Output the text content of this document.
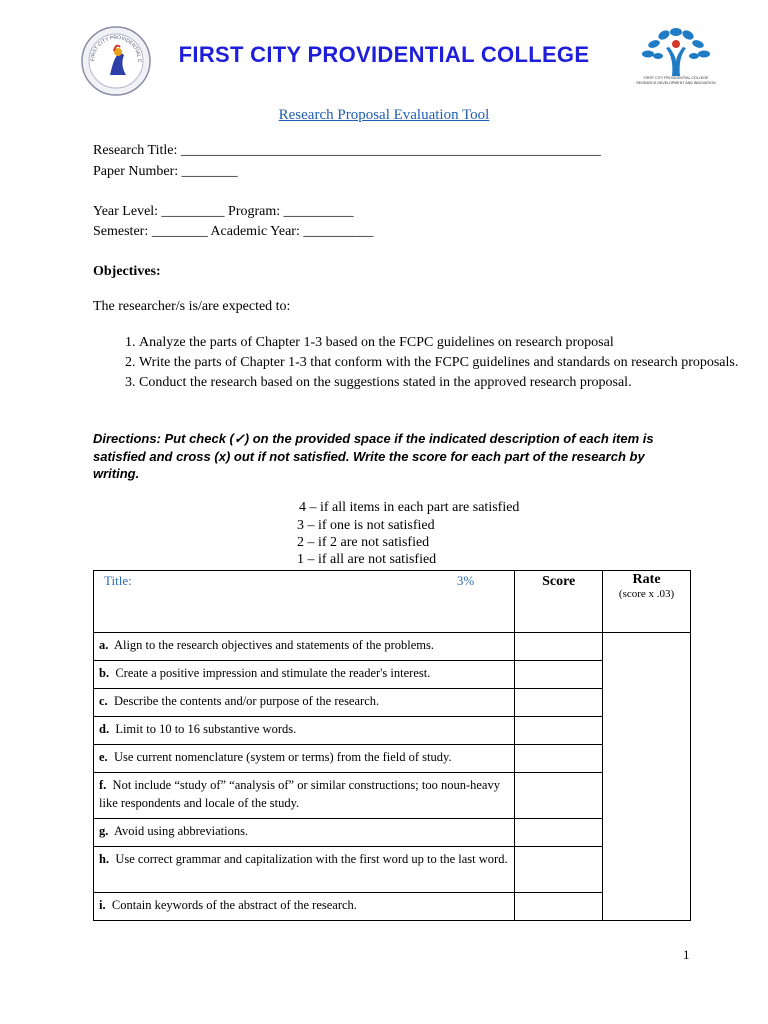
FIRST CITY PROVIDENTIAL C	FIRST CITY PROVIDENTIAL COLLEGE
FIRST CITY PROVIDENTIAL COLLEGE
RESEARCH DEVELOPMENT AND INNOVATION
Research Proposal Evaluation Tool
Research Title: ____________________________________________________________
Paper Number: ________
Year Level: _________ Program: __________
Semester: ________ Academic Year: __________
Objectives:
The researcher/s is/are expected to:
1. Analyze the parts of Chapter 1-3 based on the FCPC guidelines on research proposal
2. Write the parts of Chapter 1-3 that conform with the FCPC guidelines and standards on research proposals.
3. Conduct the research based on the suggestions stated in the approved research proposal.
Directions: Put check (✓) on the provided space if the indicated description of each item is satisfied and cross (x) out if not satisfied. Write the score for each part of the research by writing.
4 – if all items in each part are satisfied
3 – if one is not satisfied
2 – if 2 are not satisfied
1 – if all are not satisfied
Title: 3%	Score	Rate
(score x .03)

a. Align to the research objectives and statements of the problems.		
b. Create a positive impression and stimulate the reader's interest.		
c. Describe the contents and/or purpose of the research.		
d. Limit to 10 to 16 substantive words.		
e. Use current nomenclature (system or terms) from the field of study.		
f. Not include “study of” “analysis of” or similar constructions; too noun-heavy like respondents and locale of the study.		
g. Avoid using abbreviations.		
h. Use correct grammar and capitalization with the first word up to the last word.		
i. Contain keywords of the abstract of the research.		
1
